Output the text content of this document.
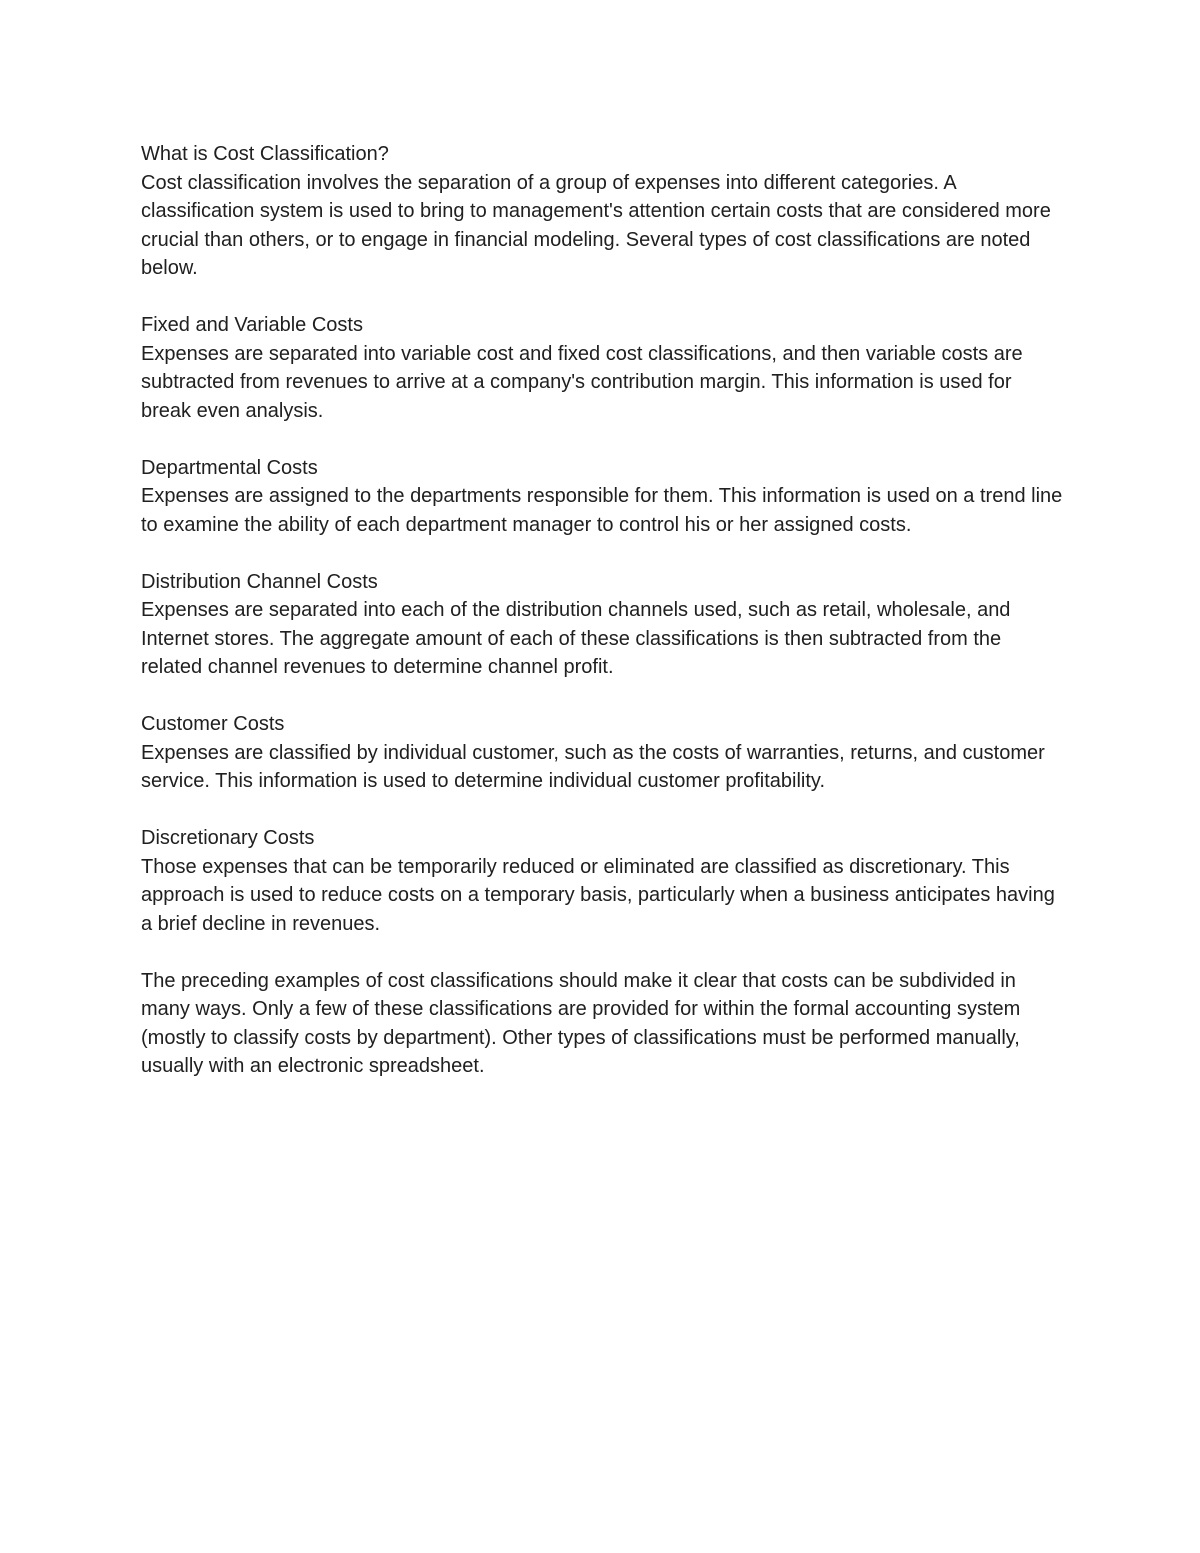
What is Cost Classification?
Cost classification involves the separation of a group of expenses into different categories. A classification system is used to bring to management's attention certain costs that are considered more crucial than others, or to engage in financial modeling. Several types of cost classifications are noted below.
Fixed and Variable Costs
Expenses are separated into variable cost and fixed cost classifications, and then variable costs are subtracted from revenues to arrive at a company's contribution margin. This information is used for break even analysis.
Departmental Costs
Expenses are assigned to the departments responsible for them. This information is used on a trend line to examine the ability of each department manager to control his or her assigned costs.
Distribution Channel Costs
Expenses are separated into each of the distribution channels used, such as retail, wholesale, and Internet stores. The aggregate amount of each of these classifications is then subtracted from the related channel revenues to determine channel profit.
Customer Costs
Expenses are classified by individual customer, such as the costs of warranties, returns, and customer service. This information is used to determine individual customer profitability.
Discretionary Costs
Those expenses that can be temporarily reduced or eliminated are classified as discretionary. This approach is used to reduce costs on a temporary basis, particularly when a business anticipates having a brief decline in revenues.
The preceding examples of cost classifications should make it clear that costs can be subdivided in many ways. Only a few of these classifications are provided for within the formal accounting system (mostly to classify costs by department). Other types of classifications must be performed manually, usually with an electronic spreadsheet.
